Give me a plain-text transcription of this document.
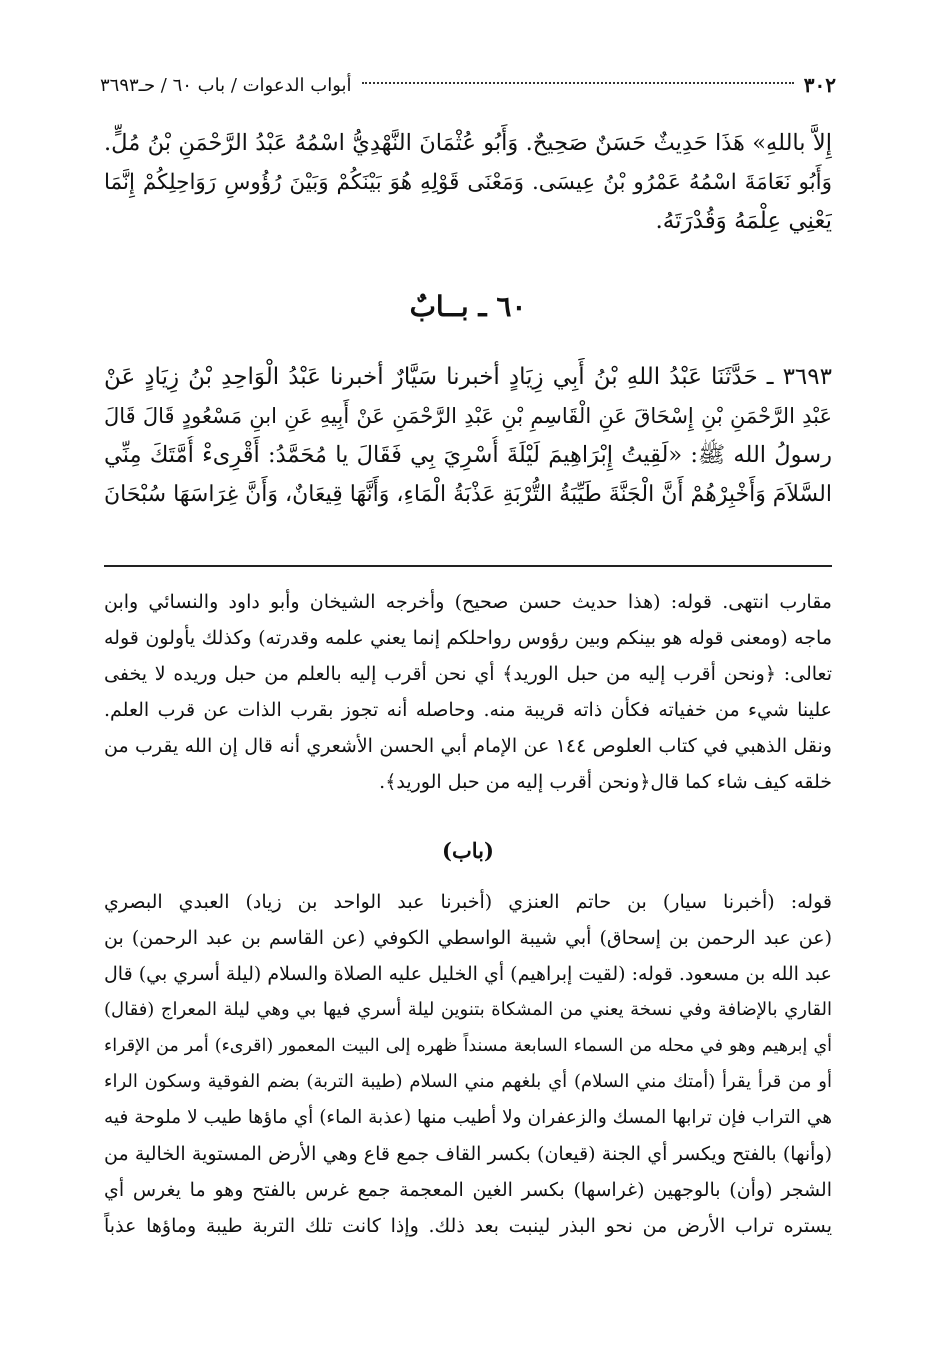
٣٠٢
أبواب الدعوات / باب ٦٠ / حـ٣٦٩٣
إِلاَّ باللهِ» هَذَا حَدِيثٌ حَسَنٌ صَحِيحٌ. وَأَبُو عُثْمَانَ النَّهْدِيُّ اسْمُهُ عَبْدُ الرَّحْمَنِ بْنُ مُلٍّ.
وَأَبُو نَعَامَةَ اسْمُهُ عَمْرُو بْنُ عِيسَى. وَمَعْنَى قَوْلِهِ هُوَ بَيْنَكُمْ وَبَيْنَ رُؤُوسِ رَوَاحِلِكُمْ إِنَّمَا
يَعْنِي عِلْمَهُ وَقُدْرَتَهُ.
٦٠ ـ بــابٌ
٣٦٩٣ ـ حَدَّثَنَا عَبْدُ اللهِ بْنُ أَبِي زِيَادٍ أخبرنا سَيَّارٌ أخبرنا عَبْدُ الْوَاحِدِ بْنُ زِيَادٍ عَنْ
عَبْدِ الرَّحْمَنِ بْنِ إِسْحَاقَ عَنِ الْقَاسِمِ بْنِ عَبْدِ الرَّحْمَنِ عَنْ أَبِيهِ عَنِ ابنِ مَسْعُودٍ قَالَ قَالَ
رسولُ الله ﷺ: «لَقِيتُ إِبْرَاهِيمَ لَيْلَةَ أُسْرِيَ بِي فَقَالَ يا مُحَمَّدُ: أَقْرِىءْ أُمَّتَكَ مِنِّي
السَّلاَمَ وَأَخْبِرْهُمْ أَنَّ الْجَنَّةَ طَيِّبَةُ التُّرْبَةِ عَذْبَةُ الْمَاءِ، وَأَنَّهَا قِيعَانٌ، وَأَنَّ غِرَاسَهَا سُبْحَانَ
مقارب انتهى. قوله: (هذا حديث حسن صحيح) وأخرجه الشيخان وأبو داود والنسائي وابن
ماجه (ومعنى قوله هو بينكم وبين رؤوس رواحلكم إنما يعني علمه وقدرته) وكذلك يأولون قوله
تعالى: ﴿ونحن أقرب إليه من حبل الوريد﴾ أي نحن أقرب إليه بالعلم من حبل وريده لا يخفى
علينا شيء من خفياته فكأن ذاته قريبة منه. وحاصله أنه تجوز بقرب الذات عن قرب العلم.
ونقل الذهبي في كتاب العلوص ١٤٤ عن الإمام أبي الحسن الأشعري أنه قال إن الله يقرب من
خلقه كيف شاء كما قال﴿ونحن أقرب إليه من حبل الوريد﴾.
(باب)
قوله: (أخبرنا سيار) بن حاتم العنزي (أخبرنا عبد الواحد بن زياد) العبدي البصري
(عن عبد الرحمن بن إسحاق) أبي شيبة الواسطي الكوفي (عن القاسم بن عبد الرحمن) بن
عبد الله بن مسعود. قوله: (لقيت إبراهيم) أي الخليل عليه الصلاة والسلام (ليلة أسري بي) قال
القاري بالإضافة وفي نسخة يعني من المشكاة بتنوين ليلة أسري فيها بي وهي ليلة المعراج (فقال)
أي إبرهيم وهو في محله من السماء السابعة مسنداً ظهره إلى البيت المعمور (اقرىء) أمر من الإقراء
أو من قرأ يقرأ (أمتك مني السلام) أي بلغهم مني السلام (طيبة التربة) بضم الفوقية وسكون الراء
هي التراب فإن ترابها المسك والزعفران ولا أطيب منها (عذبة الماء) أي ماؤها طيب لا ملوحة فيه
(وأنها) بالفتح ويكسر أي الجنة (قيعان) بكسر القاف جمع قاع وهي الأرض المستوية الخالية من
الشجر (وأن) بالوجهين (غراسها) بكسر الغين المعجمة جمع غرس بالفتح وهو ما يغرس أي
يستره تراب الأرض من نحو البذر لينبت بعد ذلك. وإذا كانت تلك التربة طيبة وماؤها عذباً
